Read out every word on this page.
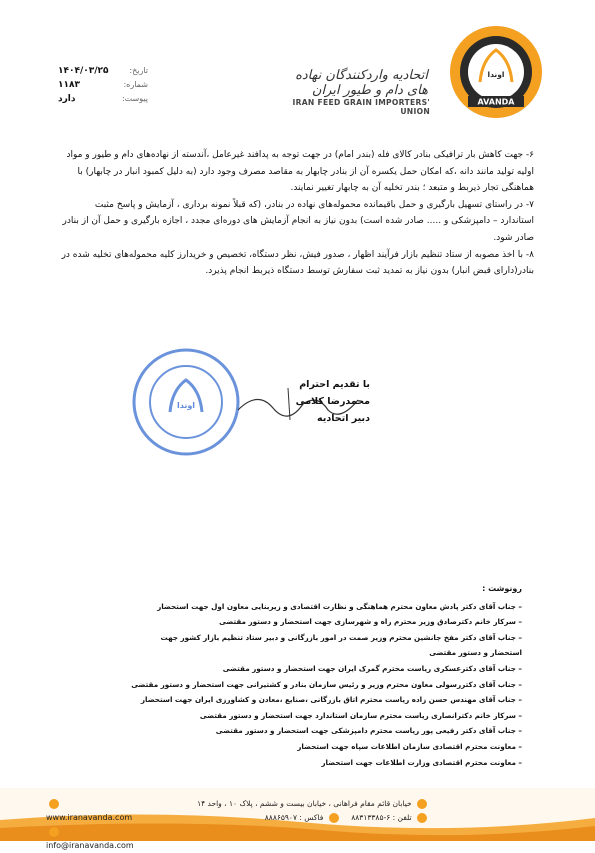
تاریخ:
۱۴۰۴/۰۳/۲۵
شماره:
۱۱۸۳
پیوست:
دارد
اتحادیه واردکنندگان نهاده های دام و طیور ایران
IRAN FEED GRAIN IMPORTERS' UNION
AVANDA
اوندا

۶- جهت کاهش بار ترافیکی بنادر کالای فله (بندر امام) در جهت توجه به پدافند غیرعامل ،آندسته از نهاده‌های دام و طیور و مواد اولیه تولید مانند دانه ،که امکان حمل یکسره آن از بنادر چابهار به مقاصد مصرف وجود دارد (به دلیل کمبود انبار در چابهار) با هماهنگی تجار ذیربط و متبعد ؛ بندر تخلیه آن به چابهار تغییر نمایند.

۷- در راستای تسهیل بارگیری و حمل باقیمانده محموله‌های نهاده در بنادر، (که قبلاً نمونه برداری ، آزمایش و پاسخ مثبت استاندارد – دامپزشکی و ..... صادر شده است) بدون نیاز به انجام آزمایش های دوره‌ای مجدد ، اجازه بارگیری و حمل آن از بنادر صادر شود.

۸- با اخذ مصوبه از ستاد تنظیم بازار فرآیند اظهار ، صدور فیش، نظر دستگاه، تخصیص و خریدارز کلیه محموله‌های تخلیه شده در بنادر(دارای قبض انبار) بدون نیاز به تمدید ثبت سفارش توسط دستگاه ذیربط انجام پذیرد.

اوندا
با تقدیم احترام
محمدرضا کلامی
دبیر اتحادیه
رونوشت :
– جناب آقای دکتر پادش معاون محترم هماهنگی و نظارت اقتصادی و زیربنایی معاون اول جهت استحضار
– سرکار خانم دکترصادق وزیر محترم راه و شهرسازی جهت استحضار و دستور مقتضی
– جناب آقای دکتر مفخ جانشین محترم وزیر صمت در امور بازرگانی و دبیر ستاد تنظیم بازار کشور جهت استحضار و دستور مقتضی
– جناب آقای دکترعسکری ریاست محترم گمرک ایران جهت استحضار و دستور مقتضی
– جناب آقای دکتررسولی معاون محترم وزیر و رئیس سازمان بنادر و کشتیرانی جهت استحضار و دستور مقتضی
– جناب آقای مهندس حسن زاده ریاست محترم اتاق بازرگانی ،صنایع ،معادن و کشاورزی ایران جهت استحضار
– سرکار خانم دکترانصاری ریاست محترم سازمان استاندارد جهت استحضار و دستور مقتضی
– جناب آقای دکتر رفیعی پور ریاست محترم دامپزشکی جهت استحضار و دستور مقتضی
– معاونت محترم اقتصادی سازمان اطلاعات سپاه جهت استحضار
– معاونت محترم اقتصادی وزارت اطلاعات جهت استحضار
خیابان قائم مقام فراهانی ، خیابان بیست و ششم ، پلاک ۱۰ ، واحد ۱۴
تلفن : ۶-۸۸۳۱۳۳۸۵     فاکس : ۸۸۸۶۵۹۰۷
www.iranavanda.com
info@iranavanda.com
